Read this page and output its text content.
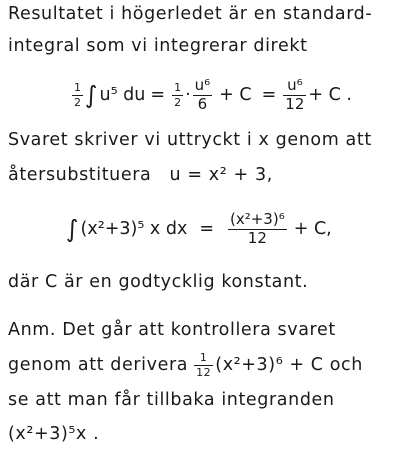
Resultatet i högerledet är en standard-
integral som vi integrerar direkt
$\frac{1}{2}$ ∫ u⁵ du = $\frac{1}{2} \cdot \frac{\text{u⁶}}{6} + C = \frac{\text{u⁶}}{12} + C$ .
Svaret skriver vi uttryckt i x genom att
återsubstituera u = x² + 3,
∫ (x²+3)⁵ x dx = $\frac{\text{(x²+3)⁶}}{12} + C$,
där C är en godtycklig konstant.
Anm. Det går att kontrollera svaret
genom att derivera $\frac{1}{12} (x^2+3)^6 + C$ och
se att man får tillbaka integranden
(x²+3)⁵x .
